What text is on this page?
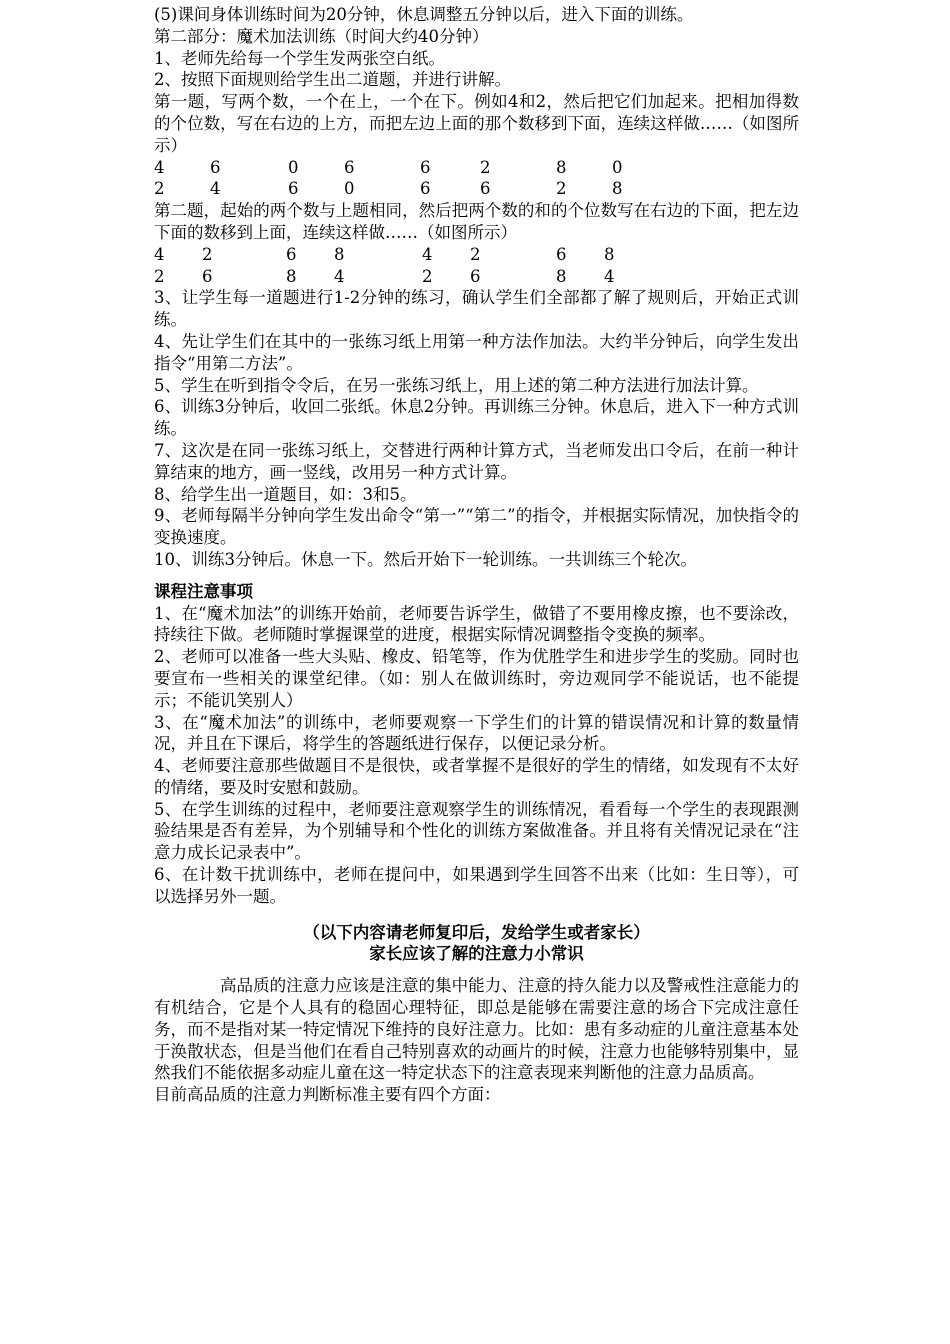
(5)课间身体训练时间为20分钟，休息调整五分钟以后，进入下面的训练。
第二部分：魔术加法训练（时间大约40分钟）
1、老师先给每一个学生发两张空白纸。
2、按照下面规则给学生出二道题，并进行讲解。
第一题，写两个数，一个在上，一个在下。例如4和2，然后把它们加起来。把相加得数的个位数，写在右边的上方，而把左边上面的那个数移到下面，连续这样做……（如图所示）
4	6	0	6	6	2	8	0
2	4	6	0	6	6	2	8
第二题，起始的两个数与上题相同，然后把两个数的和的个位数写在右边的下面，把左边下面的数移到上面，连续这样做……（如图所示）
4 2	6 8	4 2	6 8
2 6	8 4	2 6	8 4
3、让学生每一道题进行1-2分钟的练习，确认学生们全部都了解了规则后，开始正式训练。
4、先让学生们在其中的一张练习纸上用第一种方法作加法。大约半分钟后，向学生发出指令“用第二方法”。
5、学生在听到指令令后，在另一张练习纸上，用上述的第二种方法进行加法计算。
6、训练3分钟后，收回二张纸。休息2分钟。再训练三分钟。休息后，进入下一种方式训练。
7、这次是在同一张练习纸上，交替进行两种计算方式，当老师发出口令后，在前一种计算结束的地方，画一竖线，改用另一种方式计算。
8、给学生出一道题目，如：3和5。
9、老师每隔半分钟向学生发出命令“第一”“第二”的指令，并根据实际情况，加快指令的变换速度。
10、训练3分钟后。休息一下。然后开始下一轮训练。一共训练三个轮次。
课程注意事项
1、在“魔术加法”的训练开始前，老师要告诉学生，做错了不要用橡皮擦，也不要涂改，持续往下做。老师随时掌握课堂的进度，根据实际情况调整指令变换的频率。
2、老师可以准备一些大头贴、橡皮、铅笔等，作为优胜学生和进步学生的奖励。同时也要宣布一些相关的课堂纪律。（如：别人在做训练时，旁边观同学不能说话，也不能提示；不能讥笑别人）
3、在“魔术加法”的训练中，老师要观察一下学生们的计算的错误情况和计算的数量情况，并且在下课后，将学生的答题纸进行保存，以便记录分析。
4、老师要注意那些做题目不是很快，或者掌握不是很好的学生的情绪，如发现有不太好的情绪，要及时安慰和鼓励。
5、在学生训练的过程中，老师要注意观察学生的训练情况，看看每一个学生的表现跟测验结果是否有差异，为个别辅导和个性化的训练方案做准备。并且将有关情况记录在“注意力成长记录表中”。
6、在计数干扰训练中，老师在提问中，如果遇到学生回答不出来（比如：生日等），可以选择另外一题。
（以下内容请老师复印后，发给学生或者家长）
家长应该了解的注意力小常识
高品质的注意力应该是注意的集中能力、注意的持久能力以及警戒性注意能力的有机结合，它是个人具有的稳固心理特征，即总是能够在需要注意的场合下完成注意任务，而不是指对某一特定情况下维持的良好注意力。比如：患有多动症的儿童注意基本处于涣散状态，但是当他们在看自己特别喜欢的动画片的时候，注意力也能够特别集中，显然我们不能依据多动症儿童在这一特定状态下的注意表现来判断他的注意力品质高。
目前高品质的注意力判断标准主要有四个方面：
